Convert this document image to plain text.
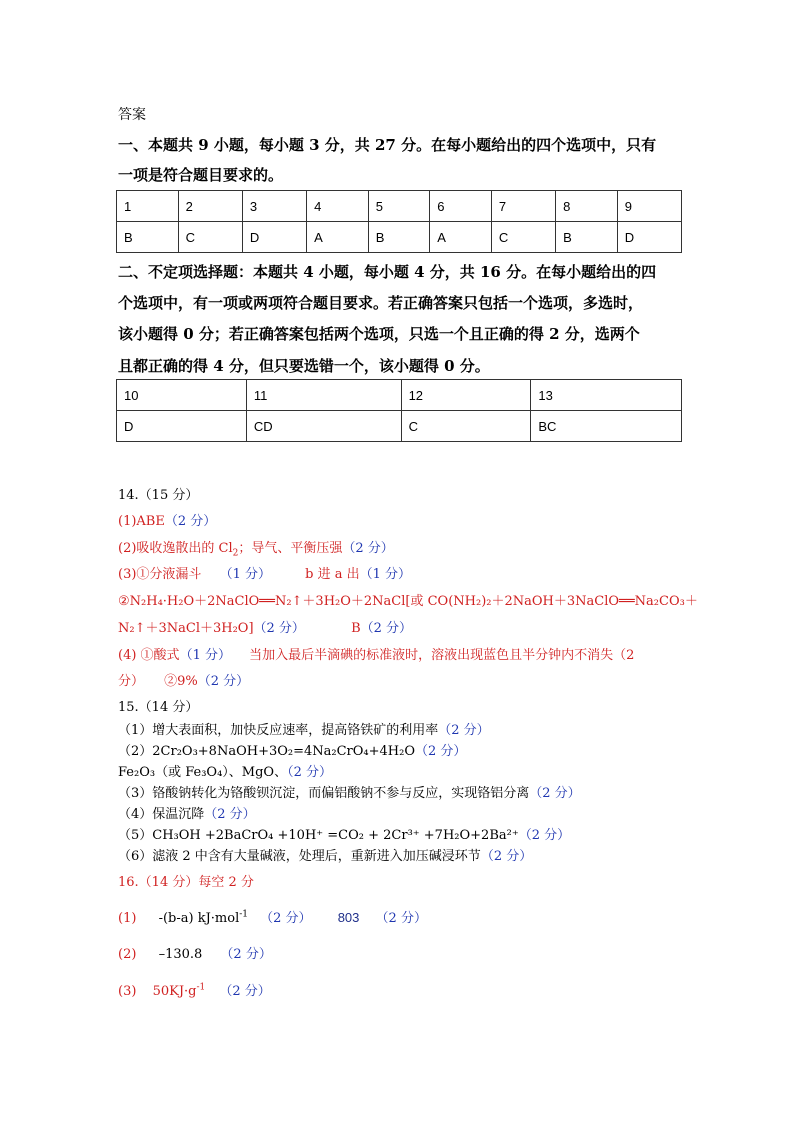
答案
一、本题共 9 小题，每小题 3 分，共 27 分。在每小题给出的四个选项中，只有
一项是符合题目要求的。
1	2	3	4	5	6	7	8	9
B	C	D	A	B	A	C	B	D
二、不定项选择题：本题共 4 小题，每小题 4 分，共 16 分。在每小题给出的四
个选项中，有一项或两项符合题目要求。若正确答案只包括一个选项，多选时，
该小题得 0 分；若正确答案包括两个选项，只选一个且正确的得 2 分，选两个
且都正确的得 4 分，但只要选错一个，该小题得 0 分。
10	11	12	13
D	CD	C	BC
14.（15 分）
(1)ABE（2 分）
(2)吸收逸散出的 $Cl_2$；导气、平衡压强（2 分）
(3)①分液漏斗 （1 分）	b 进 a 出（1 分）
②N₂H₄·H₂O＋2NaClO══N₂↑＋3H₂O＋2NaCl[或 CO(NH₂)₂＋2NaOH＋3NaClO══Na₂CO₃＋
N₂↑＋3NaCl＋3H₂O]（2 分）	B（2 分）
(4) ①酸式（1 分） 当加入最后半滴碘的标准液时，溶液出现蓝色且半分钟内不消失（2
分） ②9%（2 分）
15.（14 分）
（1）增大表面积，加快反应速率，提高铬铁矿的利用率（2 分）
（2）2Cr₂O₃+8NaOH+3O₂=4Na₂CrO₄+4H₂O（2 分）
Fe₂O₃（或 Fe₃O₄）、MgO、（2 分）
（3）铬酸钠转化为铬酸钡沉淀，而偏铝酸钠不参与反应，实现铬铝分离（2 分）
（4）保温沉降（2 分）
（5）CH₃OH +2BaCrO₄ +10H⁺ =CO₂ + 2Cr³⁺ +7H₂O+2Ba²⁺（2 分）
（6）滤液 2 中含有大量碱液，处理后，重新进入加压碱浸环节（2 分）
16.（14 分）每空 2 分
(1) -(b-a) kJ·mol$^{-1}$ （2 分） 803 （2 分）
(2) –130.8 （2 分）
(3) $50KJ\cdot g^{-1}$ （2 分）
